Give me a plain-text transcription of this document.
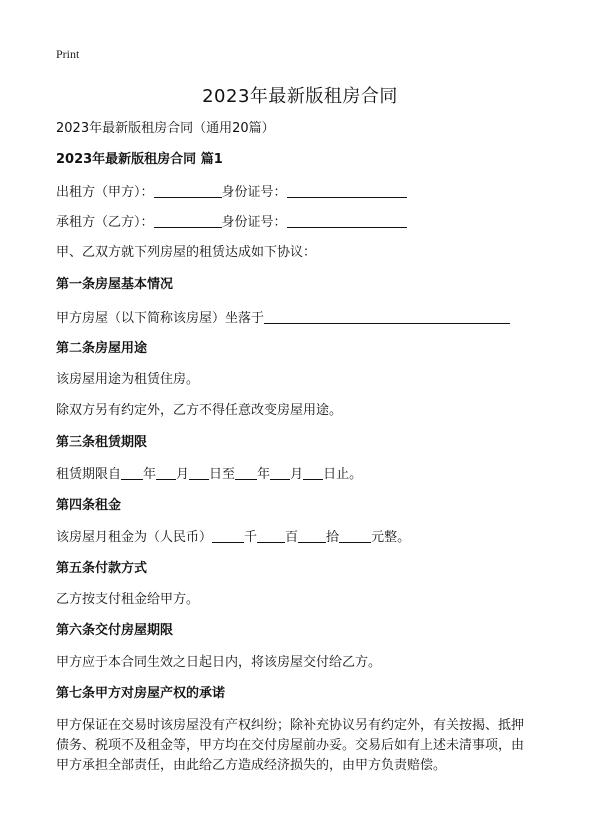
Print
2023年最新版租房合同
2023年最新版租房合同（通用20篇）
2023年最新版租房合同 篇1
出租方（甲方）：	身份证号：
承租方（乙方）：	身份证号：
甲、乙双方就下列房屋的租赁达成如下协议：
第一条房屋基本情况
甲方房屋（以下简称该房屋）坐落于
第二条房屋用途
该房屋用途为租赁住房。
除双方另有约定外，乙方不得任意改变房屋用途。
第三条租赁期限
租赁期限自 年 月 日至 年 月 日止。
第四条租金
该房屋月租金为（人民币） 千 百 拾 元整。
第五条付款方式
乙方按支付租金给甲方。
第六条交付房屋期限
甲方应于本合同生效之日起日内，将该房屋交付给乙方。
第七条甲方对房屋产权的承诺
甲方保证在交易时该房屋没有产权纠纷；除补充协议另有约定外，有关按揭、抵押
债务、税项不及租金等，甲方均在交付房屋前办妥。交易后如有上述未清事项，由
甲方承担全部责任，由此给乙方造成经济损失的，由甲方负责赔偿。
